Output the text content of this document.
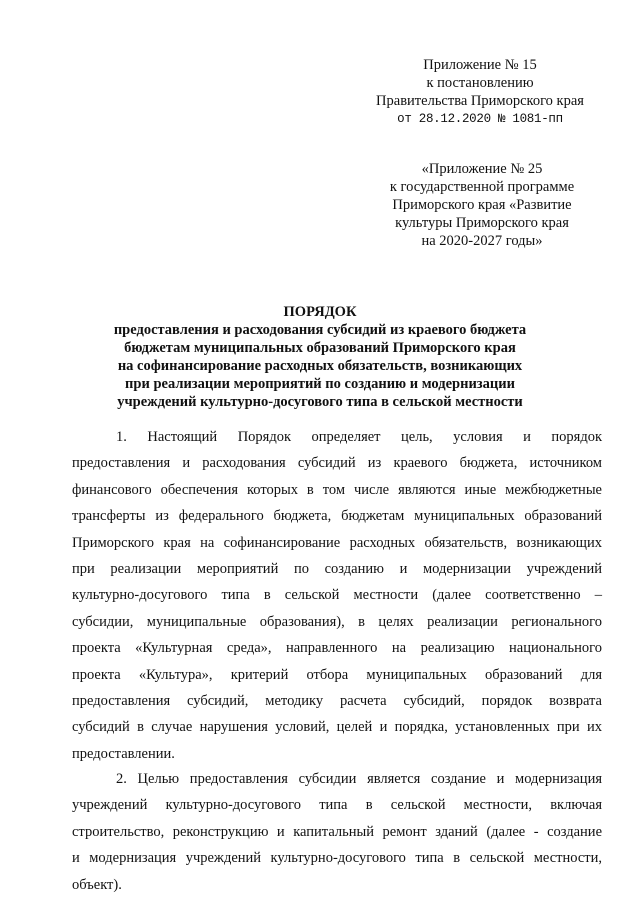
Приложение № 15
к постановлению
Правительства Приморского края
от 28.12.2020 № 1081-пп
«Приложение № 25
к государственной программе
Приморского края «Развитие
культуры Приморского края
на 2020-2027 годы»
ПОРЯДОК
предоставления и расходования субсидий из краевого бюджета
бюджетам муниципальных образований Приморского края
на софинансирование расходных обязательств, возникающих
при реализации мероприятий по созданию и модернизации
учреждений культурно-досугового типа в сельской местности
1. Настоящий Порядок определяет цель, условия и порядок
предоставления и расходования субсидий из краевого бюджета, источником
финансового обеспечения которых в том числе являются иные межбюджетные
трансферты из федерального бюджета, бюджетам муниципальных образований
Приморского края на софинансирование расходных обязательств, возникающих
при реализации мероприятий по созданию и модернизации учреждений
культурно-досугового типа в сельской местности (далее соответственно –
субсидии, муниципальные образования), в целях реализации регионального
проекта «Культурная среда», направленного на реализацию национального
проекта «Культура», критерий отбора муниципальных образований для
предоставления субсидий, методику расчета субсидий, порядок возврата
субсидий в случае нарушения условий, целей и порядка, установленных при их
предоставлении.
2. Целью предоставления субсидии является создание и модернизация
учреждений культурно-досугового типа в сельской местности, включая
строительство, реконструкцию и капитальный ремонт зданий (далее - создание
и модернизация учреждений культурно-досугового типа в сельской местности,
объект).
